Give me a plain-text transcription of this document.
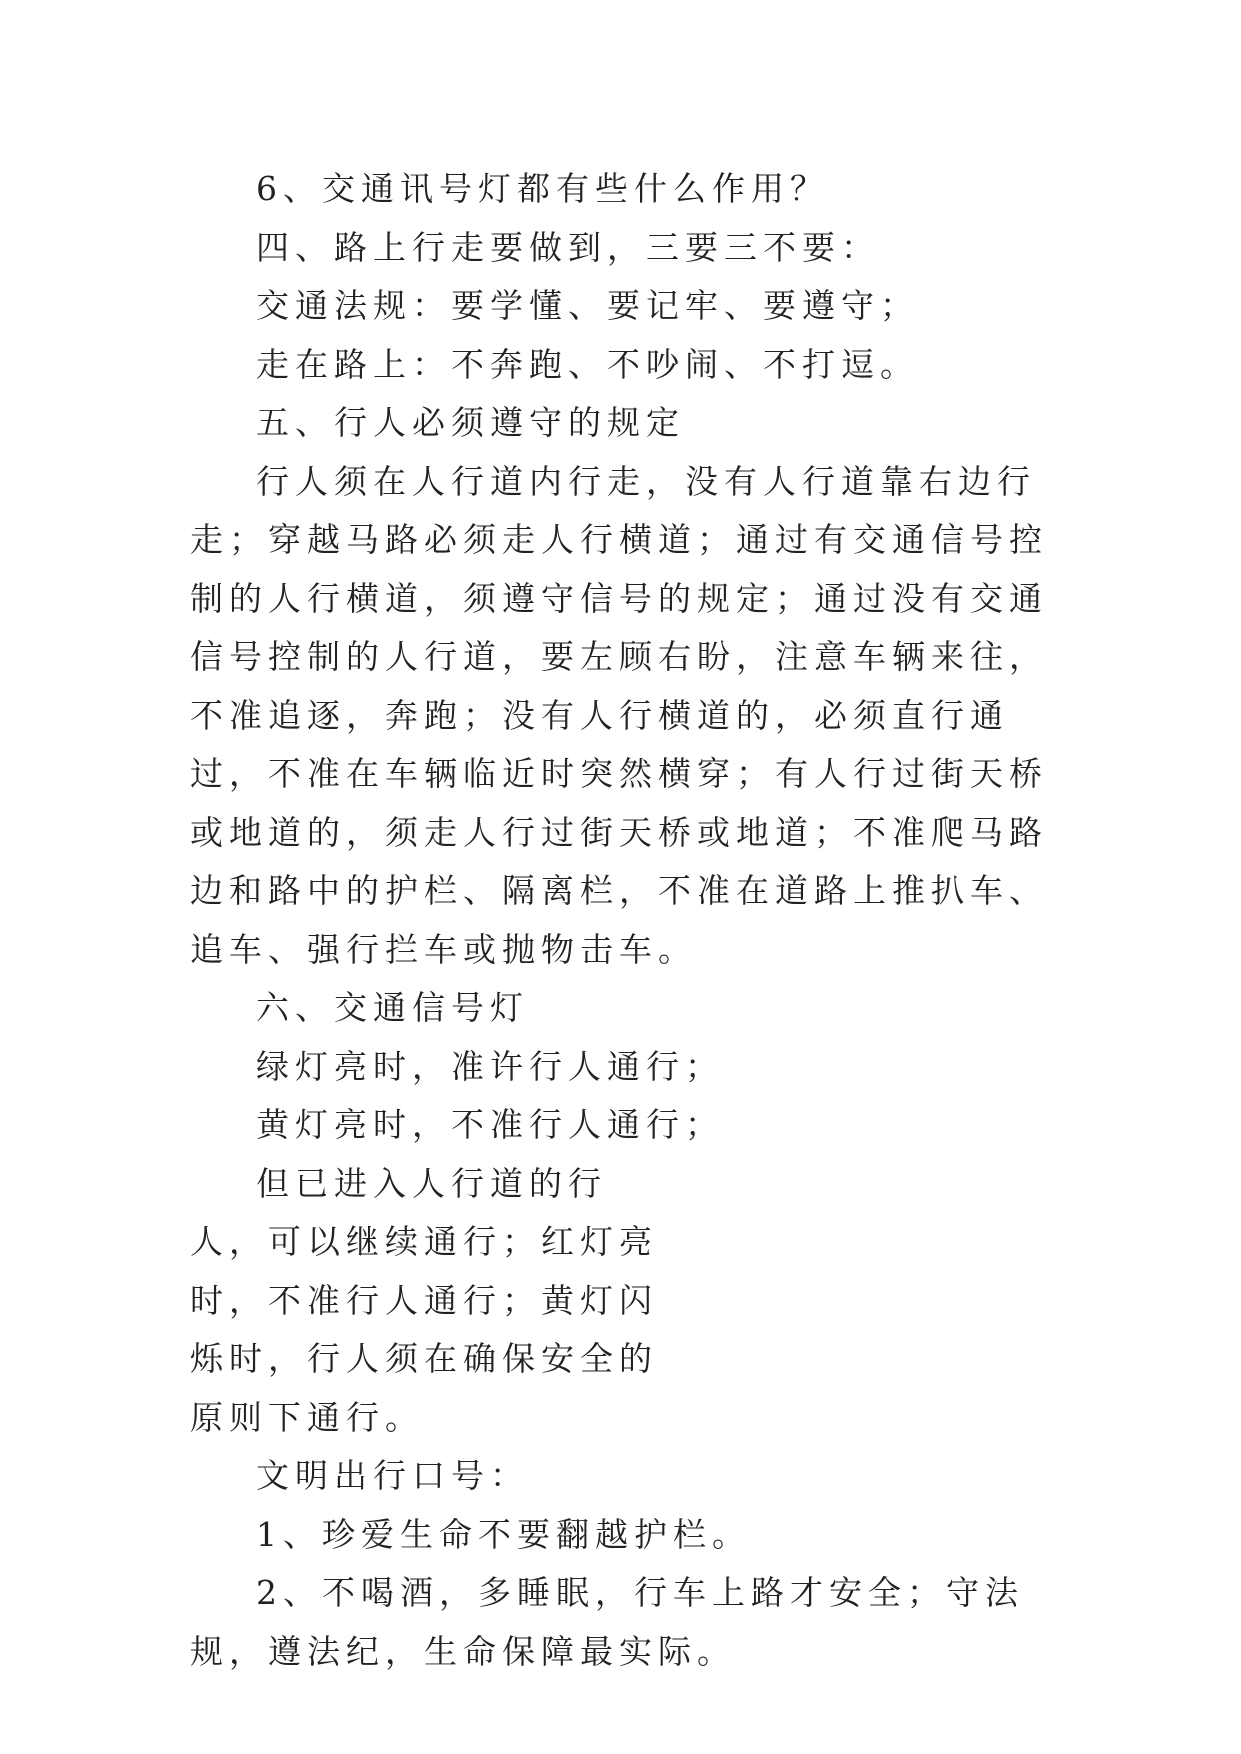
6、交通讯号灯都有些什么作用？

四、路上行走要做到，三要三不要：

交通法规：要学懂、要记牢、要遵守；

走在路上：不奔跑、不吵闹、不打逗。

五、行人必须遵守的规定

行人须在人行道内行走，没有人行道靠右边行走；穿越马路必须走人行横道；通过有交通信号控制的人行横道，须遵守信号的规定；通过没有交通信号控制的人行道，要左顾右盼，注意车辆来往，不准追逐，奔跑；没有人行横道的，必须直行通过，不准在车辆临近时突然横穿；有人行过街天桥或地道的，须走人行过街天桥或地道；不准爬马路边和路中的护栏、隔离栏，不准在道路上推扒车、追车、强行拦车或抛物击车。

六、交通信号灯

绿灯亮时，准许行人通行；

黄灯亮时，不准行人通行；

但已进入人行道的行人，可以继续通行；红灯亮时，不准行人通行；黄灯闪烁时，行人须在确保安全的原则下通行。

文明出行口号：

1、珍爱生命不要翻越护栏。

2、不喝酒，多睡眠，行车上路才安全；守法规，遵法纪，生命保障最实际。
